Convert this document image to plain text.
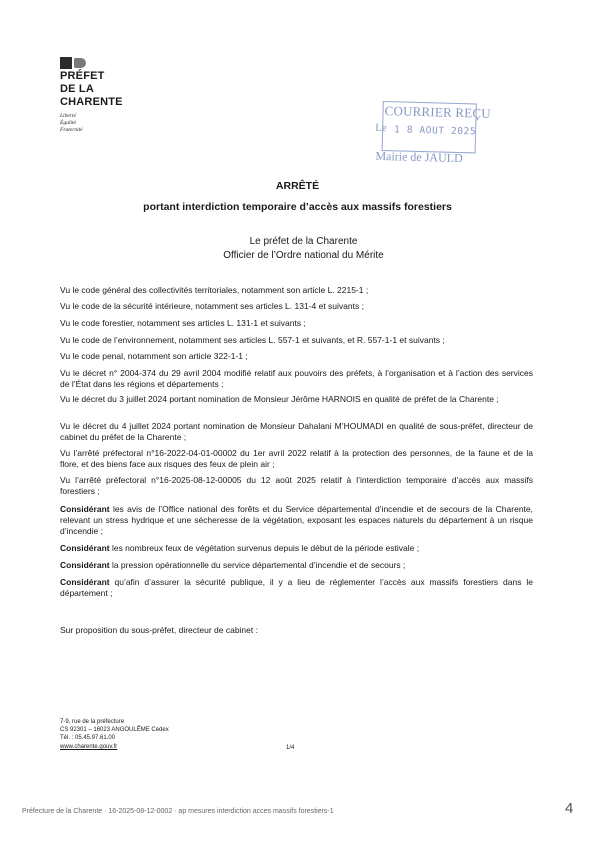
PRÉFET
DE LA
CHARENTE
Liberté
Égalité
Fraternité
COURRIER REÇU
Le 1 8 AOUT 2025
Mairie de JAULD
ARRÊTÉ
portant interdiction temporaire d’accès aux massifs forestiers
Le préfet de la Charente
Officier de l’Ordre national du Mérite
Vu le code général des collectivités territoriales, notamment son article L. 2215-1 ;
Vu le code de la sécurité intérieure, notamment ses articles L. 131-4 et suivants ;
Vu le code forestier, notamment ses articles L. 131-1 et suivants ;
Vu le code de l’environnement, notamment ses articles L. 557-1 et suivants, et R. 557-1-1 et suivants ;
Vu le code penal, notamment son article 322-1-1 ;
Vu le décret n° 2004-374 du 29 avril 2004 modifié relatif aux pouvoirs des préfets, à l’organisation et à l’action des services de l’État dans les régions et départements ;
Vu le décret du 3 juillet 2024 portant nomination de Monsieur Jérôme HARNOIS en qualité de préfet de la Charente ;
Vu le décret du 4 juillet 2024 portant nomination de Monsieur Dahalani M’HOUMADI en qualité de sous-préfet, directeur de cabinet du préfet de la Charente ;
Vu l’arrêté préfectoral n°16-2022-04-01-00002 du 1er avril 2022 relatif à la protection des personnes, de la faune et de la flore, et des biens face aux risques des feux de plein air ;
Vu l’arrêté préfectoral n°16-2025-08-12-00005 du 12 août 2025 relatif à l’interdiction temporaire d’accès aux massifs forestiers ;
Considérant les avis de l’Office national des forêts et du Service départemental d’incendie et de secours de la Charente, relevant un stress hydrique et une sécheresse de la végétation, exposant les espaces naturels du département à un risque d’incendie ;
Considérant les nombreux feux de végétation survenus depuis le début de la période estivale ;
Considérant la pression opérationnelle du service départemental d’incendie et de secours ;
Considérant qu’afin d’assurer la sécurité publique, il y a lieu de réglementer l’accès aux massifs forestiers dans le département ;
Sur proposition du sous-préfet, directeur de cabinet :
7-9, rue de la préfecture
CS 92301 – 16023 ANGOULÊME Cedex
Tél. : 05.45.97.61.00
www.charente.gouv.fr	1/4
Préfecture de la Charente · 16-2025-08-12-0002 · ap mesures interdiction acces massifs forestiers-1	4
